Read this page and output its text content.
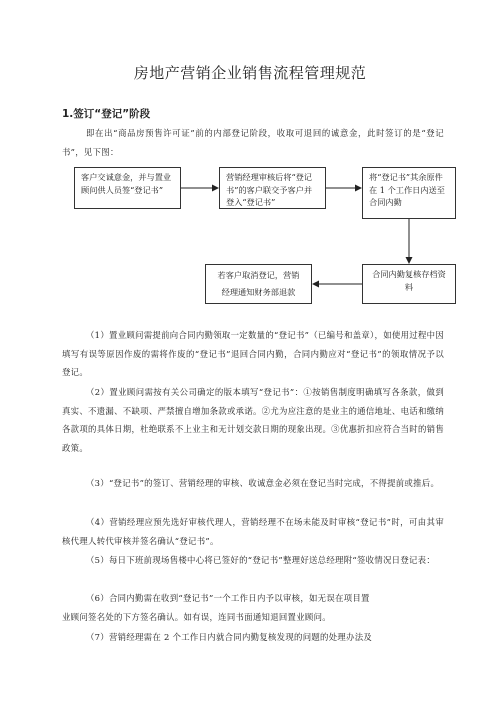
房地产营销企业销售流程管理规范
1.签订“登记”阶段
即在出“商品房预售许可证”前的内部登记阶段，收取可退回的诚意金，此时签订的是“登记书”，见下图：
客户交诚意金，并与置业顾问供人员签“登记书”
营销经理审核后将“登记书”的客户联交予客户并登入“登记书”
将“登记书”其余原件在 1 个工作日内送至合同内勤
合同内勤复核存档资料
若客户取消登记，营销
经理通知财务部退款
（1）置业顾问需提前向合同内勤领取一定数量的“登记书”（已编号和盖章），如使用过程中因填写有误等原因作废的需将作废的“登记书”退回合同内勤，合同内勤应对“登记书”的领取情况予以登记。
（2）置业顾问需按有关公司确定的版本填写“登记书”：①按销售制度明确填写各条款，做到真实、不遗漏、不缺项、严禁擅自增加条款或承诺。②尤为应注意的是业主的通信地址、电话和缴纳各款项的具体日期，杜绝联系不上业主和无计划交款日期的现象出现。③优惠折扣应符合当时的销售政策。
（3）“登记书”的签订、营销经理的审核、收诚意金必须在登记当时完成，不得提前或推后。
（4）营销经理应预先选好审核代理人，营销经理不在场未能及时审核“登记书”时，可由其审核代理人转代审核并签名确认“登记书”。
（5）每日下班前现场售楼中心将已签好的“登记书”整理好送总经理附“签收情况日登记表：
（6）合同内勤需在收到“登记书”一个工作日内予以审核，如无误在项目置
业顾问签名处的下方签名确认。如有误，连同书面通知退回置业顾问。
（7）营销经理需在 2 个工作日内就合同内勤复核发现的问题的处理办法及
